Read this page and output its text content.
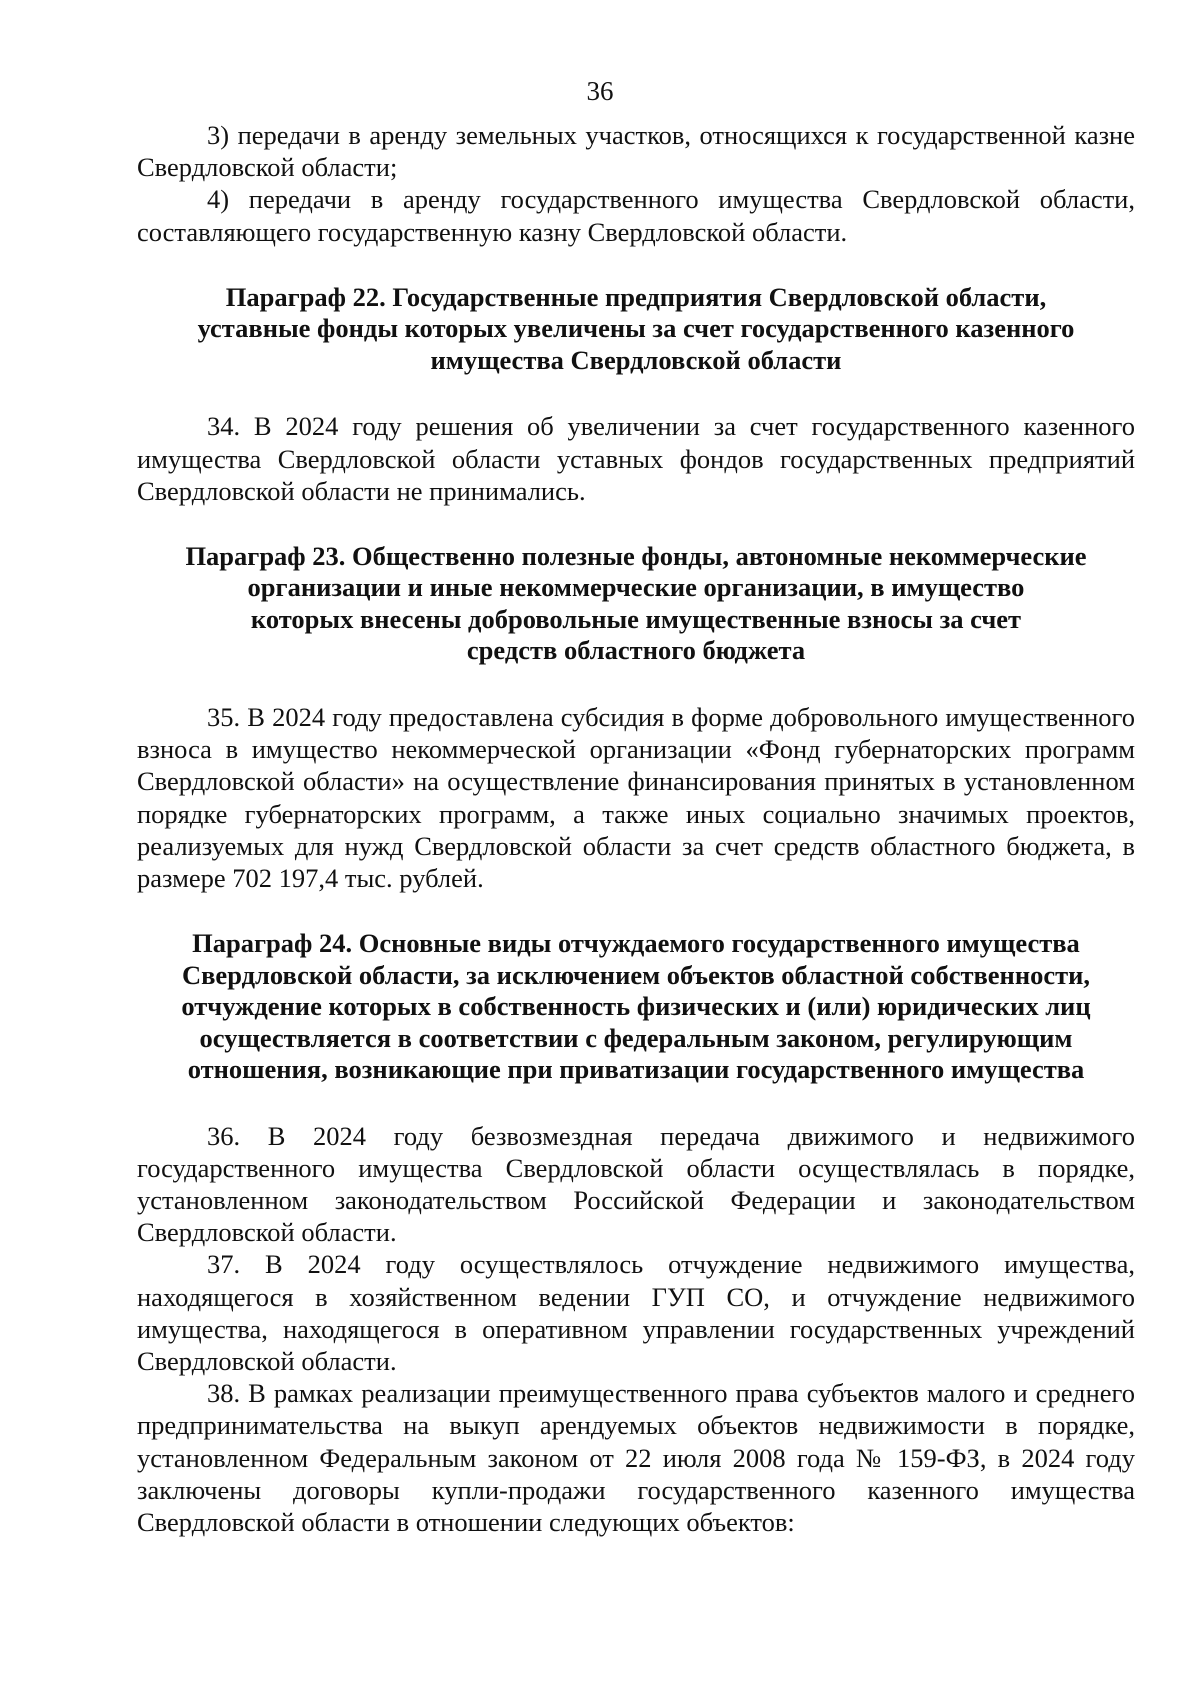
36

3) передачи в аренду земельных участков, относящихся к государственной казне Свердловской области;

4) передачи в аренду государственного имущества Свердловской области, составляющего государственную казну Свердловской области.

Параграф 22. Государственные предприятия Свердловской области,
уставные фонды которых увеличены за счет государственного казенного
имущества Свердловской области

34. В 2024 году решения об увеличении за счет государственного казенного имущества Свердловской области уставных фондов государственных предприятий Свердловской области не принимались.

Параграф 23. Общественно полезные фонды, автономные некоммерческие
организации и иные некоммерческие организации, в имущество
которых внесены добровольные имущественные взносы за счет
средств областного бюджета

35. В 2024 году предоставлена субсидия в форме добровольного имущественного взноса в имущество некоммерческой организации «Фонд губернаторских программ Свердловской области» на осуществление финансирования принятых в установленном порядке губернаторских программ, а также иных социально значимых проектов, реализуемых для нужд Свердловской области за счет средств областного бюджета, в размере 702 197,4 тыс. рублей.

Параграф 24. Основные виды отчуждаемого государственного имущества
Свердловской области, за исключением объектов областной собственности,
отчуждение которых в собственность физических и (или) юридических лиц
осуществляется в соответствии с федеральным законом, регулирующим
отношения, возникающие при приватизации государственного имущества

36. В 2024 году безвозмездная передача движимого и недвижимого государственного имущества Свердловской области осуществлялась в порядке, установленном законодательством Российской Федерации и законодательством Свердловской области.

37. В 2024 году осуществлялось отчуждение недвижимого имущества, находящегося в хозяйственном ведении ГУП СО, и отчуждение недвижимого имущества, находящегося в оперативном управлении государственных учреждений Свердловской области.

38. В рамках реализации преимущественного права субъектов малого и среднего предпринимательства на выкуп арендуемых объектов недвижимости в порядке, установленном Федеральным законом от 22 июля 2008 года № 159-ФЗ, в 2024 году заключены договоры купли-продажи государственного казенного имущества Свердловской области в отношении следующих объектов:
